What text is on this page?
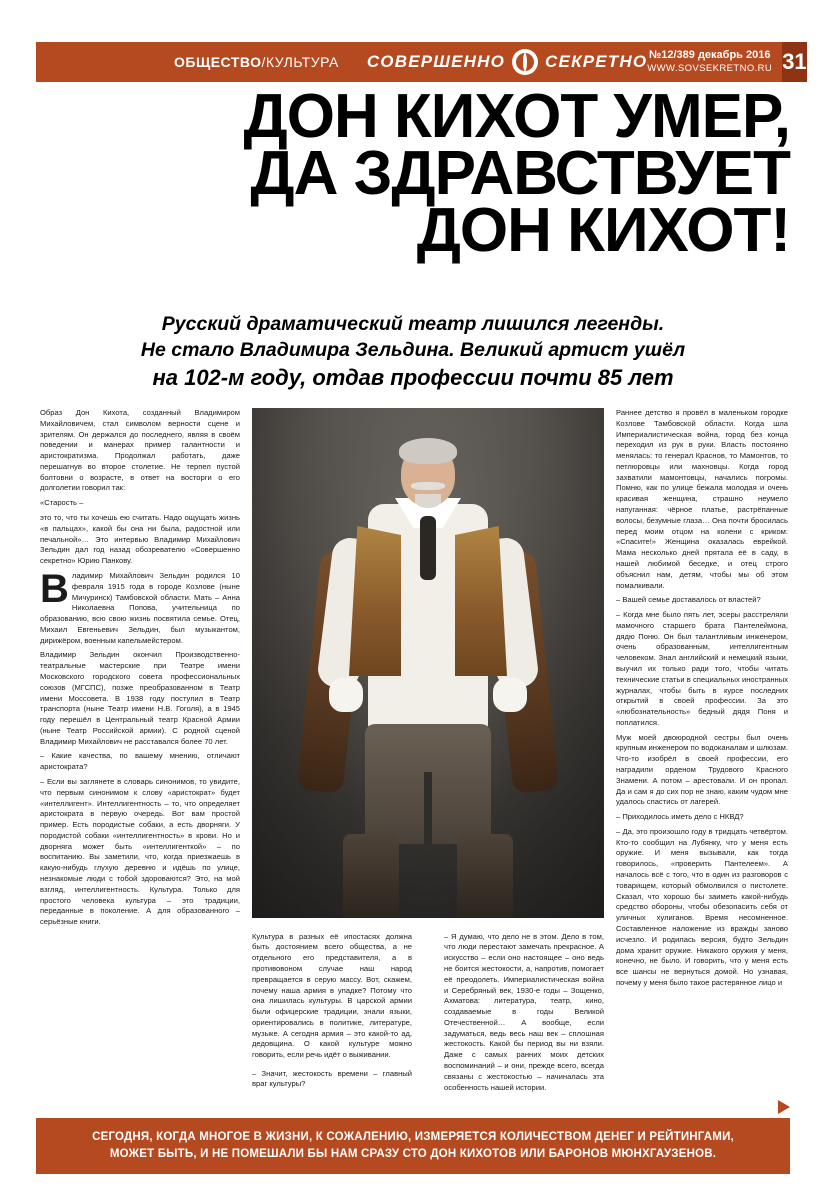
ОБЩЕСТВО/КУЛЬТУРА СОВЕРШЕННО СЕКРЕТНО №12/389 декабрь 2016
WWW.SOVSEKRETNO.RU 31
ДОН КИХОТ УМЕР,
ДА ЗДРАВСТВУЕТ
ДОН КИХОТ!
Русский драматический театр лишился легенды.
Не стало Владимира Зельдина. Великий артист ушёл
на 102-м году, отдав профессии почти 85 лет

Образ Дон Кихота, созданный Владимиром Михайловичем, стал символом верности сцене и зрителям. Он держался до последнего, являя в своём поведении и манерах пример галантности и аристократизма. Продолжал работать, даже перешагнув во второе столетие. Не терпел пустой болтовни о возрасте, в ответ на восторги о его долголетии говорил так:

«Старость –

это то, что ты хочешь ею считать. Надо ощущать жизнь «в пальцах», какой бы она ни была, радостной или печальной»… Это интервью Владимир Михайлович Зельдин дал год назад обозревателю «Совершенно секретно» Юрию Панкову.

Владимир Михайлович Зельдин родился 10 февраля 1915 года в городе Козлове (ныне Мичуринск) Тамбовской области. Мать – Анна Николаевна Попова, учительница по образованию, всю свою жизнь посвятила семье. Отец, Михаил Евгеньевич Зельдин, был музыкантом, дирижёром, военным капельмейстером.

Владимир Зельдин окончил Производственно-театральные мастерские при Театре имени Московского городского совета профессиональных союзов (МГСПС), позже преобразованном в Театр имени Моссовета. В 1938 году поступил в Театр транспорта (ныне Театр имени Н.В. Гоголя), а в 1945 году перешёл в Центральный театр Красной Армии (ныне Театр Российской армии). С родной сценой Владимир Михайлович не расставался более 70 лет.

– Какие качества, по вашему мнению, отличают аристократа?

– Если вы заглянете в словарь синонимов, то увидите, что первым синонимом к слову «аристократ» будет «интеллигент». Интеллигентность – то, что определяет аристократа в первую очередь. Вот вам простой пример. Есть породистые собаки, а есть дворняги. У породистой собаки «интеллигентность» в крови. Но и дворняга может быть «интеллигенткой» – по воспитанию. Вы заметили, что, когда приезжаешь в какую-нибудь глухую деревню и идёшь по улице, незнакомые люди с тобой здороваются? Это, на мой взгляд, интеллигентность. Культура. Только для простого человека культура – это традиции, переданные в поколение. А для образованного – серьёзные книги.

Культура в разных её ипостасях должна быть достоянием всего общества, а не отдельного его представителя, а в противовоном случае наш народ превращается в серую массу. Вот, скажем, почему наша армия в упадке? Потому что она лишилась культуры. В царской армии были офицерские традиции, знали языки, ориентировались в политике, литературе, музыке. А сегодня армия – это какой-то ад, дедовщина. О какой культуре можно говорить, если речь идёт о выживании.

– Значит, жестокость времени – главный враг культуры?

– Я думаю, что дело не в этом. Дело в том, что люди перестают замечать прекрасное. А искусство – если оно настоящее – оно ведь не боится жестокости, а, напротив, помогает её преодолеть. Империалистическая война и Серебряный век, 1930-е годы – Зощенко, Ахматова: литература, театр, кино, создаваемые в годы Великой Отечественной… А вообще, если задуматься, ведь весь наш век – сплошная жестокость. Какой бы период вы ни взяли. Даже с самых ранних моих детских воспоминаний – и они, прежде всего, всегда связаны с жестокостью – начиналась эта особенность нашей истории.

Раннее детство я провёл в маленьком городке Козлове Тамбовской области. Когда шла Империалистическая война, город без конца переходил из рук в руки. Власть постоянно менялась: то генерал Краснов, то Мамонтов, то петлюровцы или махновцы. Когда город захватили мамонтовцы, начались погромы. Помню, как по улице бежала молодая и очень красивая женщина, страшно неумело напуганная: чёрное платье, растрёпанные волосы, безумные глаза… Она почти бросилась перед моим отцом на колени с криком: «Спасите!» Женщина оказалась еврейкой. Мама несколько дней прятала её в саду, в нашей любимой беседке, и отец строго объяснил нам, детям, чтобы мы об этом помалкивали.

– Вашей семье доставалось от властей?

– Когда мне было пять лет, эсеры расстреляли мамочного старшего брата Пантелеймона, дядю Поню. Он был талантливым инженером, очень образованным, интеллигентным человеком. Знал английский и немецкий языки, выучил их только ради того, чтобы читать технические статьи в специальных иностранных журналах, чтобы быть в курсе последних открытий в своей профессии. За это «любознательность» бедный дядя Поня и поплатился.

Муж моей двоюродной сестры был очень крупным инженером по водоканалам и шлюзам. Что-то изобрёл в своей профессии, его наградили орденом Трудового Красного Знамени. А потом – арестовали. И он пропал. Да и сам я до сих пор не знаю, каким чудом мне удалось спастись от лагерей.

– Приходилось иметь дело с НКВД?

– Да, это произошло году в тридцать четвёртом. Кто-то сообщил на Лубянку, что у меня есть оружие. И меня вызывали, как тогда говорилось, «проверить Пантелеем». А началось всё с того, что в один из разговоров с товарищем, который обмолвился о пистолете. Сказал, что хорошо бы заиметь какой-нибудь средство обороны, чтобы обезопасить себя от уличных хулиганов. Время несомненное. Составленное наложение из вражды заново исчезло. И родилась версия, будто Зельдин дома хранит оружие. Никакого оружия у меня, конечно, не было. И говорить, что у меня есть все шансы не вернуться домой. Но узнавая, почему у меня было такое растерянное лицо и

СЕГОДНЯ, КОГДА МНОГОЕ В ЖИЗНИ, К СОЖАЛЕНИЮ, ИЗМЕРЯЕТСЯ КОЛИЧЕСТВОМ ДЕНЕГ И РЕЙТИНГАМИ,
МОЖЕТ БЫТЬ, И НЕ ПОМЕШАЛИ БЫ НАМ СРАЗУ СТО ДОН КИХОТОВ ИЛИ БАРОНОВ МЮНХГАУЗЕНОВ.
